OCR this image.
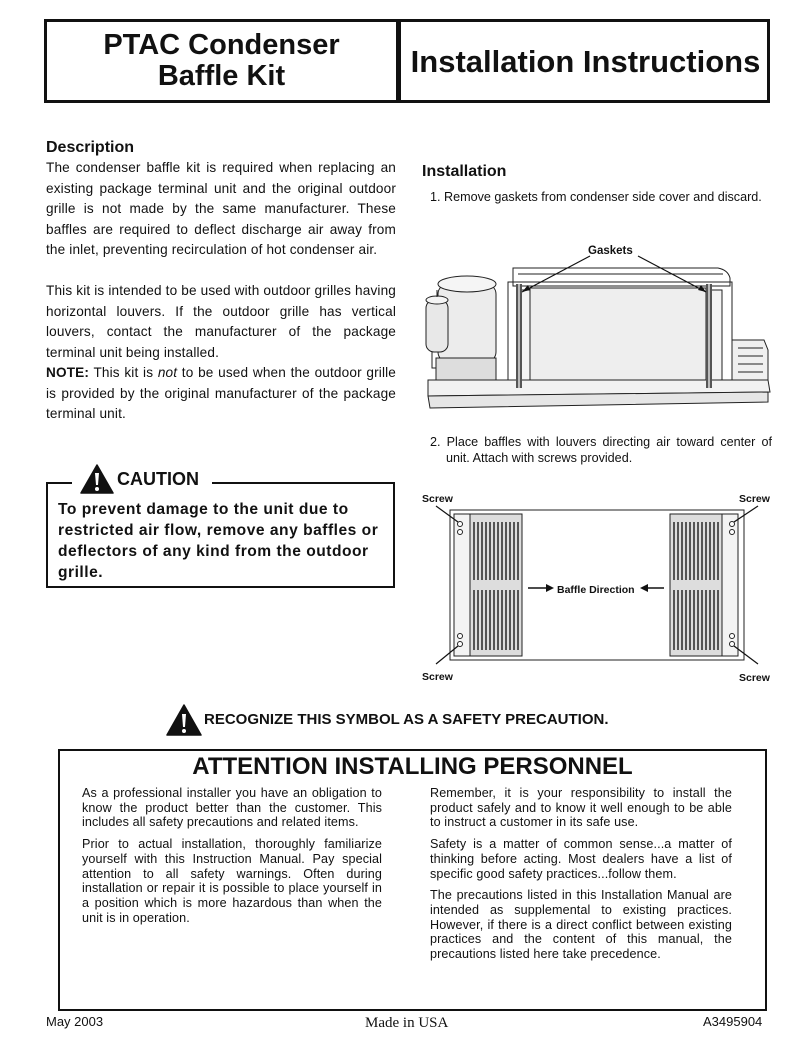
PTAC Condenser
Baffle Kit	Installation Instructions
Description
The condenser baffle kit is required when replacing an existing package terminal unit and the original outdoor grille is not made by the same manufacturer. These baffles are required to deflect discharge air away from the inlet, preventing recirculation of hot condenser air.
This kit is intended to be used with outdoor grilles having horizontal louvers. If the outdoor grille has vertical louvers, contact the manufacturer of the package terminal unit being installed.
NOTE: This kit is not to be used when the outdoor grille is provided by the original manufacturer of the package terminal unit.
CAUTION
To prevent damage to the unit due to restricted air flow, remove any baffles or deflectors of any kind from the outdoor grille.
Installation
1. Remove gaskets from condenser side cover and discard.
Gaskets
2. Place baffles with louvers directing air toward center of unit. Attach with screws provided.
Screw	Screw
Screw	Screw
Baffle Direction
RECOGNIZE THIS SYMBOL AS A SAFETY PRECAUTION.
ATTENTION INSTALLING PERSONNEL

As a professional installer you have an obligation to know the product better than the customer. This includes all safety precautions and related items.

Prior to actual installation, thoroughly familiarize yourself with this Instruction Manual. Pay special attention to all safety warnings. Often during installation or repair it is possible to place yourself in a position which is more hazardous than when the unit is in operation.

Remember, it is your responsibility to install the product safely and to know it well enough to be able to instruct a customer in its safe use.

Safety is a matter of common sense...a matter of thinking before acting. Most dealers have a list of specific good safety practices...follow them.

The precautions listed in this Installation Manual are intended as supplemental to existing practices. However, if there is a direct conflict between existing practices and the content of this manual, the precautions listed here take precedence.

May 2003	Made in USA	A3495904
